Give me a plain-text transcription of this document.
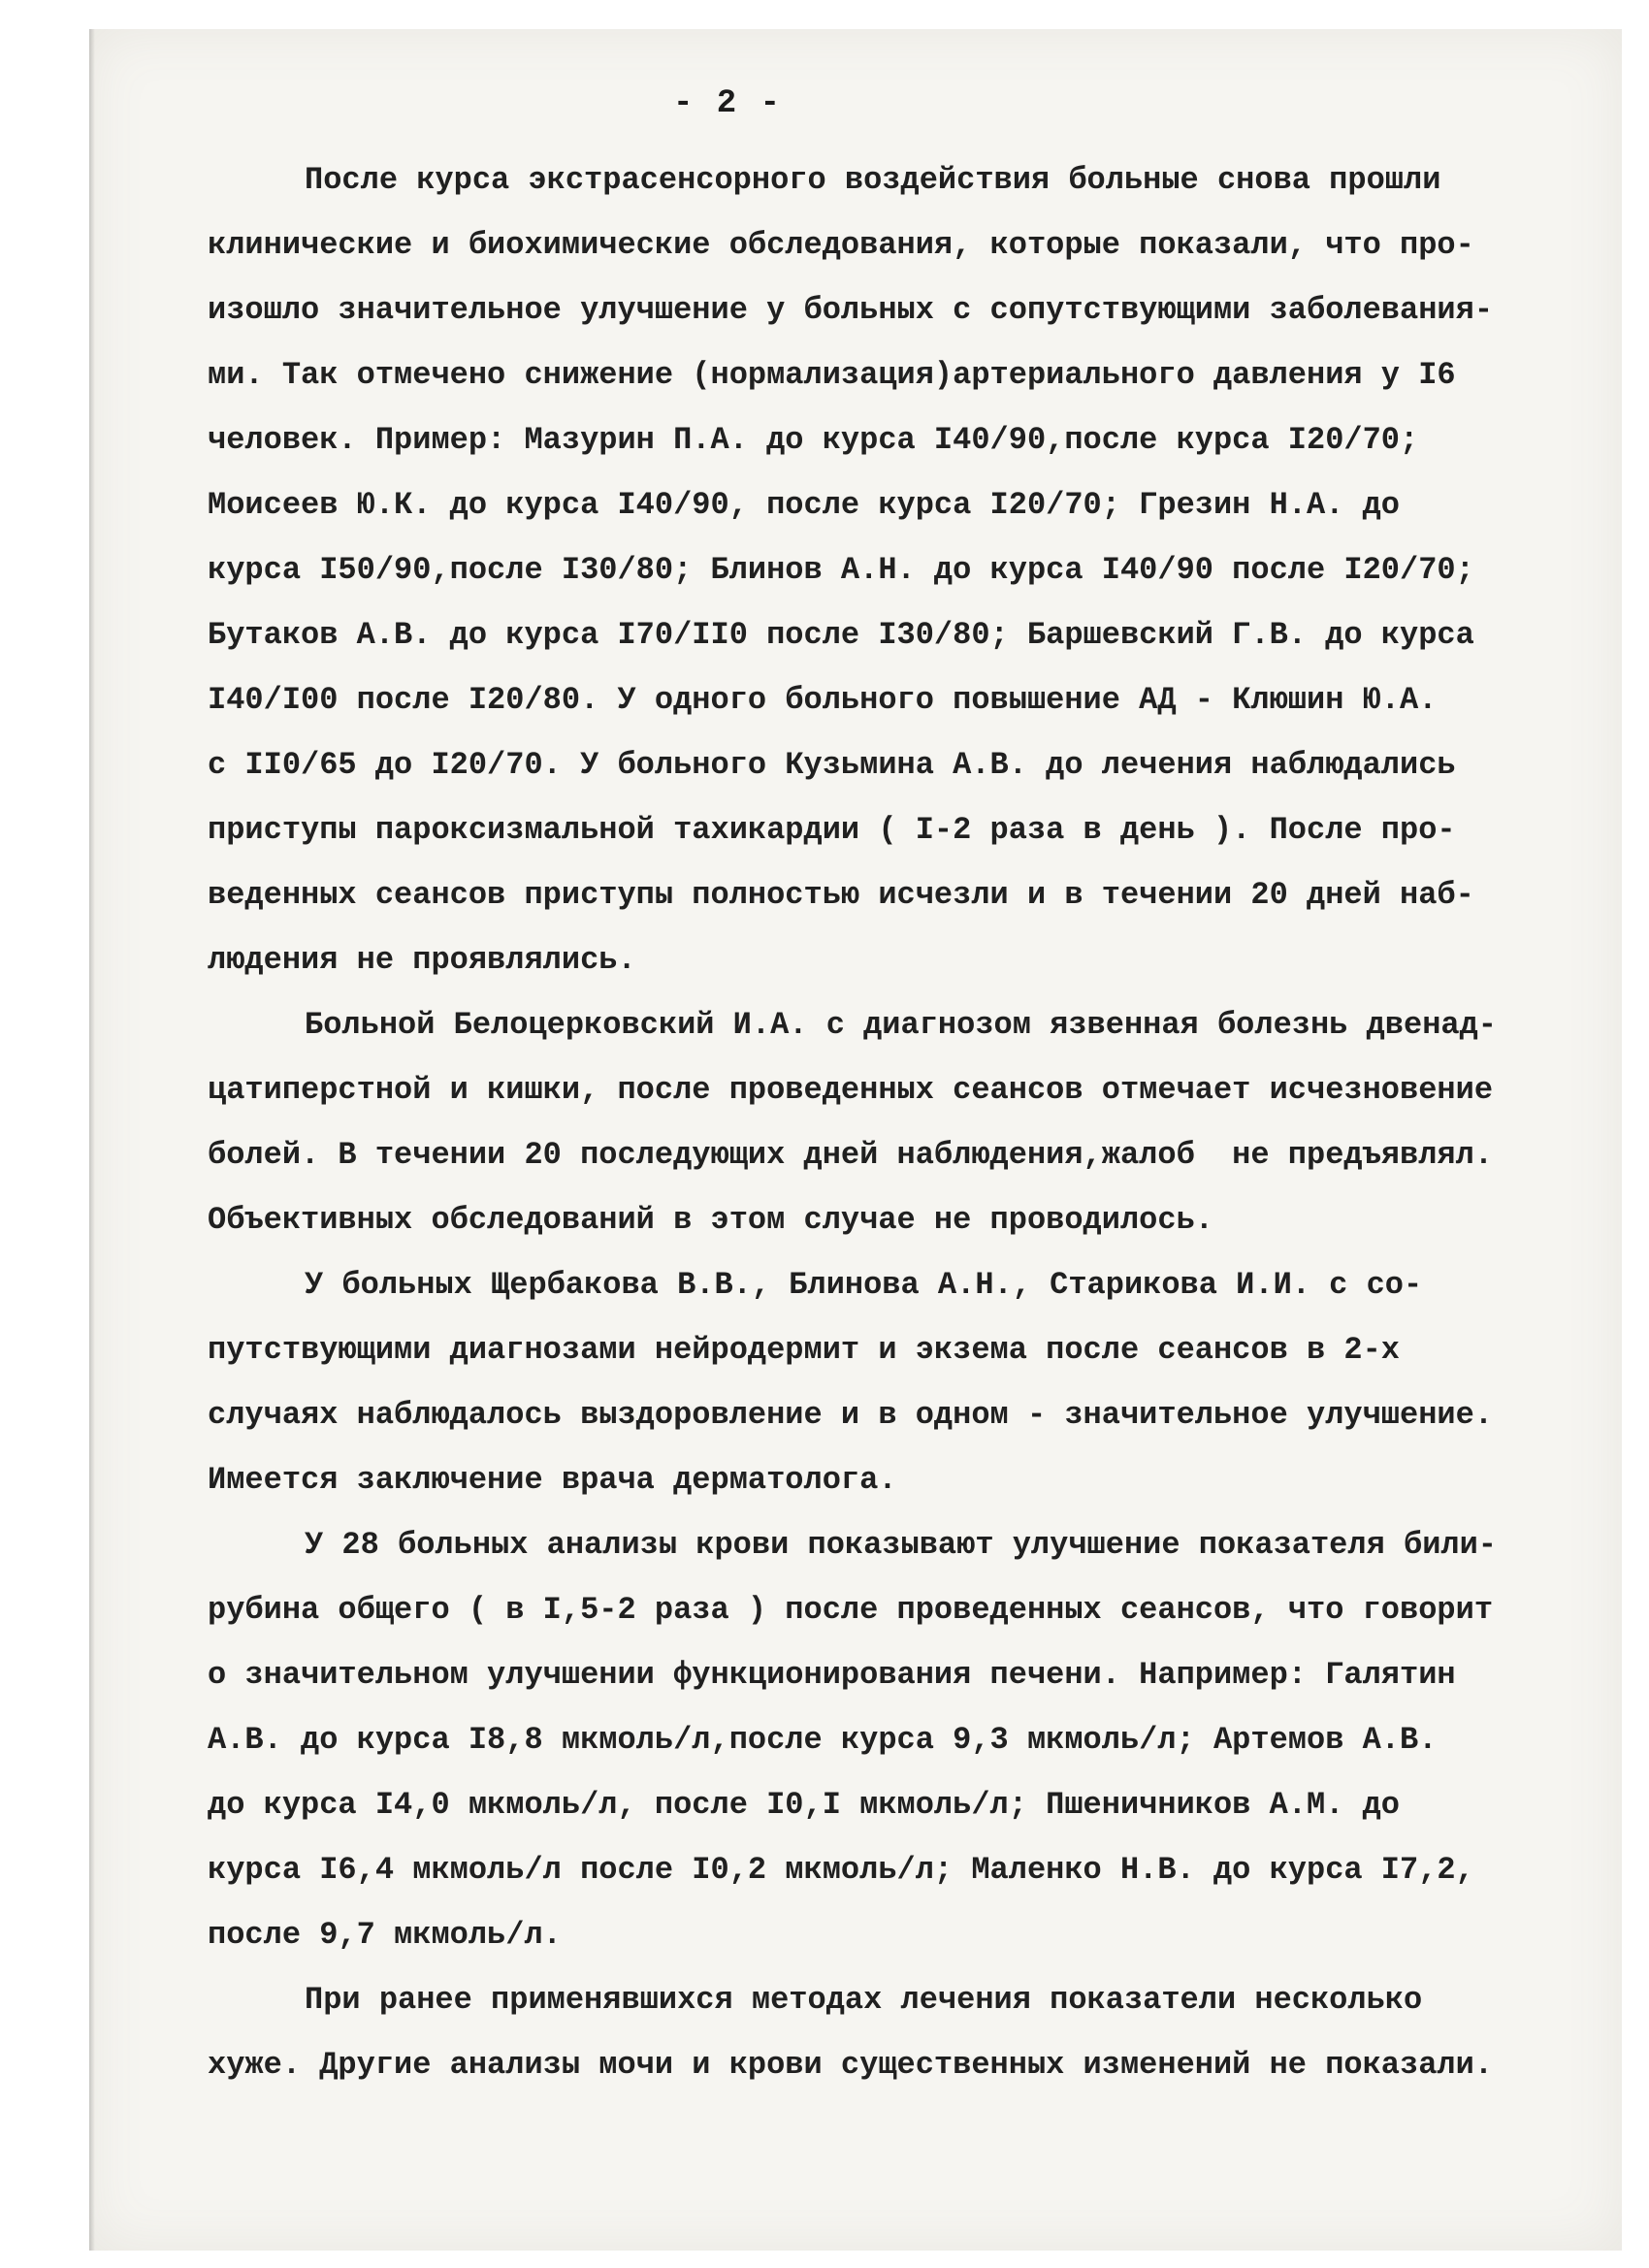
- 2 -
После курса экстрасенсорного воздействия больные снова прошли
клинические и биохимические обследования, которые показали, что про-
изошло значительное улучшение у больных с сопутствующими заболевания-
ми. Так отмечено снижение (нормализация)артериального давления у I6
человек. Пример: Мазурин П.А. до курса I40/90,после курса I20/70;
Моисеев Ю.К. до курса I40/90, после курса I20/70; Грезин Н.А. до
курса I50/90,после I30/80; Блинов А.Н. до курса I40/90 после I20/70;
Бутаков А.В. до курса I70/II0 после I30/80; Баршевский Г.В. до курса
I40/I00 после I20/80. У одного больного повышение АД - Клюшин Ю.А.
с II0/65 до I20/70. У больного Кузьмина А.В. до лечения наблюдались
приступы пароксизмальной тахикардии ( I-2 раза в день ). После про-
веденных сеансов приступы полностью исчезли и в течении 20 дней наб-
людения не проявлялись.
Больной Белоцерковский И.А. с диагнозом язвенная болезнь двенад-
цатиперстной и кишки, после проведенных сеансов отмечает исчезновение
болей. В течении 20 последующих дней наблюдения,жалоб  не предъявлял.
Объективных обследований в этом случае не проводилось.
У больных Щербакова В.В., Блинова А.Н., Старикова И.И. с со-
путствующими диагнозами нейродермит и экзема после сеансов в 2-х
случаях наблюдалось выздоровление и в одном - значительное улучшение.
Имеется заключение врача дерматолога.
У 28 больных анализы крови показывают улучшение показателя били-
рубина общего ( в I,5-2 раза ) после проведенных сеансов, что говорит
о значительном улучшении функционирования печени. Например: Галятин
А.В. до курса I8,8 мкмоль/л,после курса 9,3 мкмоль/л; Артемов А.В.
до курса I4,0 мкмоль/л, после I0,I мкмоль/л; Пшеничников А.М. до
курса I6,4 мкмоль/л после I0,2 мкмоль/л; Маленко Н.В. до курса I7,2,
после 9,7 мкмоль/л.
При ранее применявшихся методах лечения показатели несколько
хуже. Другие анализы мочи и крови существенных изменений не показали.
